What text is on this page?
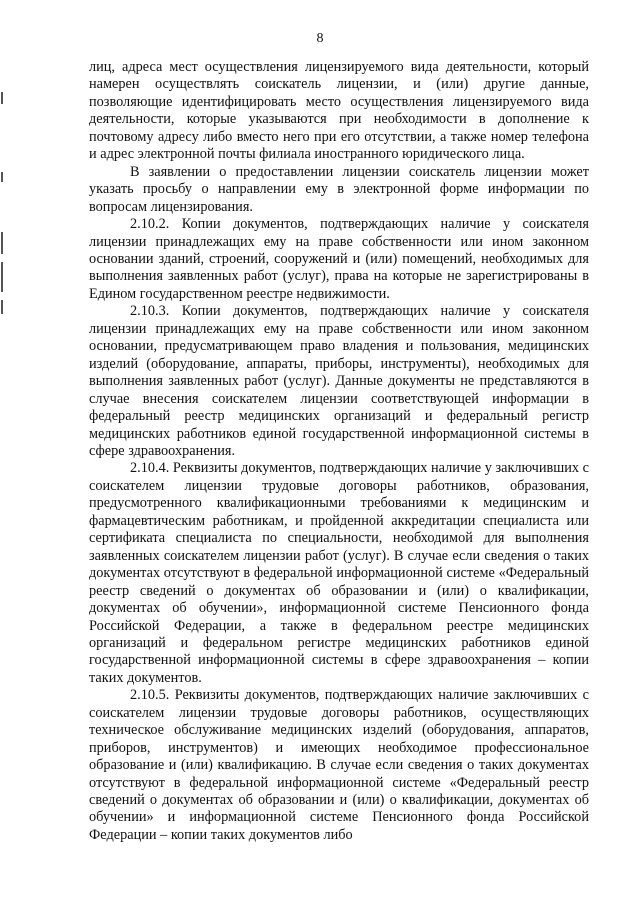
8

лиц, адреса мест осуществления лицензируемого вида деятельности, который намерен осуществлять соискатель лицензии, и (или) другие данные, позволяющие идентифицировать место осуществления лицензируемого вида деятельности, которые указываются при необходимости в дополнение к почтовому адресу либо вместо него при его отсутствии, а также номер телефона и адрес электронной почты филиала иностранного юридического лица.

В заявлении о предоставлении лицензии соискатель лицензии может указать просьбу о направлении ему в электронной форме информации по вопросам лицензирования.

2.10.2. Копии документов, подтверждающих наличие у соискателя лицензии принадлежащих ему на праве собственности или ином законном основании зданий, строений, сооружений и (или) помещений, необходимых для выполнения заявленных работ (услуг), права на которые не зарегистрированы в Едином государственном реестре недвижимости.

2.10.3. Копии документов, подтверждающих наличие у соискателя лицензии принадлежащих ему на праве собственности или ином законном основании, предусматривающем право владения и пользования, медицинских изделий (оборудование, аппараты, приборы, инструменты), необходимых для выполнения заявленных работ (услуг). Данные документы не представляются в случае внесения соискателем лицензии соответствующей информации в федеральный реестр медицинских организаций и федеральный регистр медицинских работников единой государственной информационной системы в сфере здравоохранения.

2.10.4. Реквизиты документов, подтверждающих наличие у заключивших с соискателем лицензии трудовые договоры работников, образования, предусмотренного квалификационными требованиями к медицинским и фармацевтическим работникам, и пройденной аккредитации специалиста или сертификата специалиста по специальности, необходимой для выполнения заявленных соискателем лицензии работ (услуг). В случае если сведения о таких документах отсутствуют в федеральной информационной системе «Федеральный реестр сведений о документах об образовании и (или) о квалификации, документах об обучении», информационной системе Пенсионного фонда Российской Федерации, а также в федеральном реестре медицинских организаций и федеральном регистре медицинских работников единой государственной информационной системы в сфере здравоохранения – копии таких документов.

2.10.5. Реквизиты документов, подтверждающих наличие заключивших с соискателем лицензии трудовые договоры работников, осуществляющих техническое обслуживание медицинских изделий (оборудования, аппаратов, приборов, инструментов) и имеющих необходимое профессиональное образование и (или) квалификацию. В случае если сведения о таких документах отсутствуют в федеральной информационной системе «Федеральный реестр сведений о документах об образовании и (или) о квалификации, документах об обучении» и информационной системе Пенсионного фонда Российской Федерации – копии таких документов либо
